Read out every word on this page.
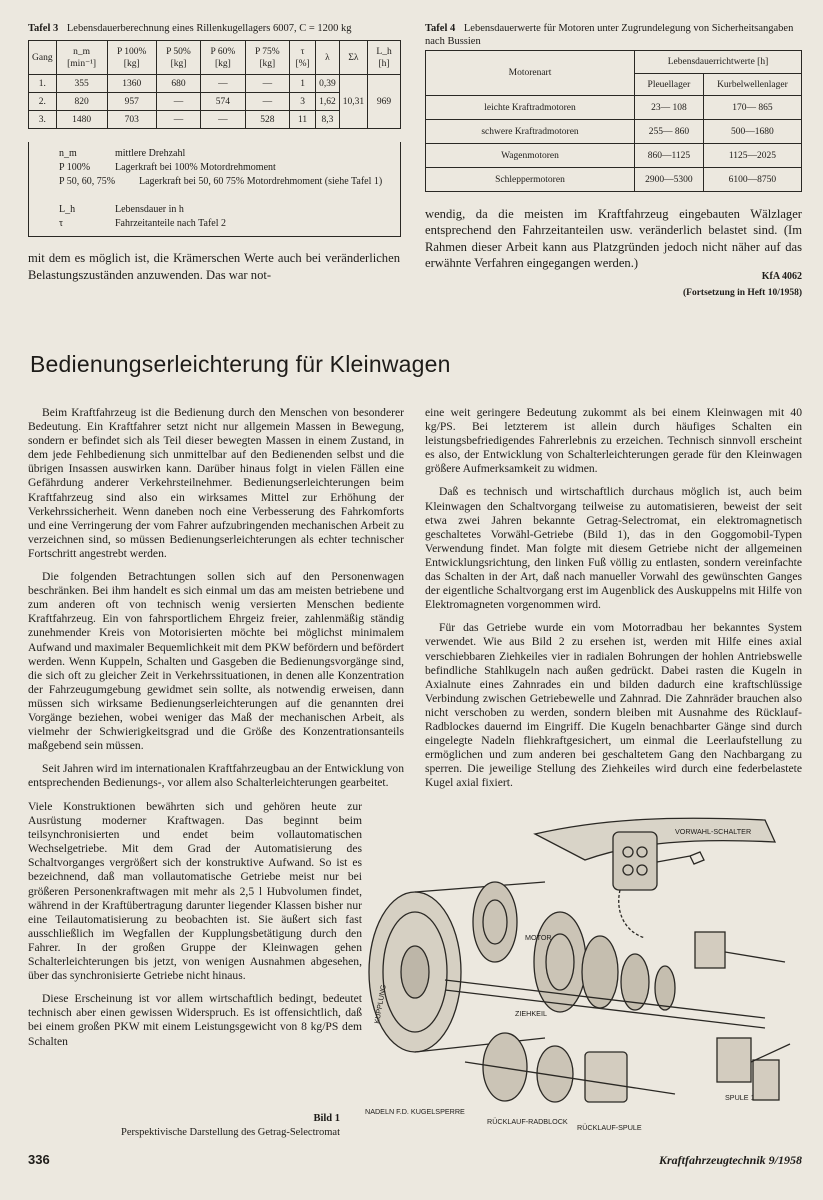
Tafel 3 Lebensdauerberechnung eines Rillenkugellagers 6007, C = 1200 kg
Gang	n_m [min⁻¹]	P 100% [kg]	P 50% [kg]	P 60% [kg]	P 75% [kg]	τ [%]	λ	Σλ	L_h [h]
1.	355	1360	680	—	—	1	0,39	10,31	969
2.	820	957	—	574	—	3	1,62		
3.	1480	703	—	—	528	11	8,3		
n_m	mittlere Drehzahl
P 100% Lagerkraft bei 100% Motordrehmoment
P 50, 60, 75%	Lagerkraft bei 50, 60 75% Motordrehmoment (siehe Tafel 1)
L_h	Lebensdauer in h
τ	Fahrzeitanteile nach Tafel 2

mit dem es möglich ist, die Krämerschen Werte auch bei veränderlichen Belastungszuständen anzuwenden. Das war not-

Tafel 4 Lebensdauerwerte für Motoren unter Zugrundelegung von Sicherheitsangaben nach Bussien
Motorenart	Lebensdauerrichtwerte [h]	
	Pleuellager	Kurbelwellenlager
leichte Kraftradmotoren	23— 108	170— 865
schwere Kraftradmotoren	255— 860	500—1680
Wagenmotoren	860—1125	1125—2025
Schleppermotoren	2900—5300	6100—8750

wendig, da die meisten im Kraftfahrzeug eingebauten Wälzlager entsprechend den Fahrzeitanteilen usw. veränderlich belastet sind. (Im Rahmen dieser Arbeit kann aus Platzgründen jedoch nicht näher auf das erwähnte Verfahren eingegangen werden.)

KfA 4062
(Fortsetzung in Heft 10/1958)
Bedienungserleichterung für Kleinwagen

Beim Kraftfahrzeug ist die Bedienung durch den Menschen von besonderer Bedeutung. Ein Kraftfahrer setzt nicht nur allgemein Massen in Bewegung, sondern er befindet sich als Teil dieser bewegten Massen in einem Zustand, in dem jede Fehlbedienung sich unmittelbar auf den Bedienenden selbst und die übrigen Insassen auswirken kann. Darüber hinaus folgt in vielen Fällen eine Gefährdung anderer Verkehrsteilnehmer. Bedienungserleichterungen beim Kraftfahrzeug sind also ein wirksames Mittel zur Erhöhung der Verkehrssicherheit. Wenn daneben noch eine Verbesserung des Fahrkomforts und eine Verringerung der vom Fahrer aufzubringenden mechanischen Arbeit zu verzeichnen sind, so müssen Bedienungserleichterungen als echter technischer Fortschritt angestrebt werden.

Die folgenden Betrachtungen sollen sich auf den Personenwagen beschränken. Bei ihm handelt es sich einmal um das am meisten betriebene und zum anderen oft von technisch wenig versierten Menschen bediente Kraftfahrzeug. Ein von fahrsportlichem Ehrgeiz freier, zahlenmäßig ständig zunehmender Kreis von Motorisierten möchte bei möglichst minimalem Aufwand und maximaler Bequemlichkeit mit dem PKW befördern und befördert werden. Wenn Kuppeln, Schalten und Gasgeben die Bedienungsvorgänge sind, die sich oft zu gleicher Zeit in Verkehrssituationen, in denen alle Konzentration der Fahrzeugumgebung gewidmet sein sollte, als notwendig erweisen, dann müssen sich wirksame Bedienungserleichterungen auf die genannten drei Vorgänge beziehen, wobei weniger das Maß der mechanischen Arbeit, als vielmehr der Schwierigkeitsgrad und die Größe des Konzentrationsanteils maßgebend sein müssen.

Seit Jahren wird im internationalen Kraftfahrzeugbau an der Entwicklung von entsprechenden Bedienungs-, vor allem also Schalterleichterungen gearbeitet.

Viele Konstruktionen bewährten sich und gehören heute zur Ausrüstung moderner Kraftwagen. Das beginnt beim teilsynchronisierten und endet beim vollautomatischen Wechselgetriebe. Mit dem Grad der Automatisierung des Schaltvorganges vergrößert sich der konstruktive Aufwand. So ist es bezeichnend, daß man vollautomatische Getriebe meist nur bei größeren Personenkraftwagen mit mehr als 2,5 l Hubvolumen findet, während in der Kraftübertragung darunter liegender Klassen bisher nur eine Teilautomatisierung zu beobachten ist. Sie äußert sich fast ausschließlich im Wegfallen der Kupplungsbetätigung durch den Fahrer. In der großen Gruppe der Kleinwagen gehen Schalterleichterungen bis jetzt, von wenigen Ausnahmen abgesehen, über das synchronisierte Getriebe nicht hinaus.

Diese Erscheinung ist vor allem wirtschaftlich bedingt, bedeutet technisch aber einen gewissen Widerspruch. Es ist offensichtlich, daß bei einem großen PKW mit einem Leistungsgewicht von 8 kg/PS dem Schalten

eine weit geringere Bedeutung zukommt als bei einem Kleinwagen mit 40 kg/PS. Bei letzterem ist allein durch häufiges Schalten ein leistungsbefriedigendes Fahrerlebnis zu erzeichen. Technisch sinnvoll erscheint es also, der Entwicklung von Schalterleichterungen gerade für den Kleinwagen größere Aufmerksamkeit zu widmen.

Daß es technisch und wirtschaftlich durchaus möglich ist, auch beim Kleinwagen den Schaltvorgang teilweise zu automatisieren, beweist der seit etwa zwei Jahren bekannte Getrag-Selectromat, ein elektromagnetisch geschaltetes Vorwähl-Getriebe (Bild 1), das in den Goggomobil-Typen Verwendung findet. Man folgte mit diesem Getriebe nicht der allgemeinen Entwicklungsrichtung, den linken Fuß völlig zu entlasten, sondern vereinfachte das Schalten in der Art, daß nach manueller Vorwahl des gewünschten Ganges der eigentliche Schaltvorgang erst im Augenblick des Auskuppelns mit Hilfe von Elektromagneten vorgenommen wird.

Für das Getriebe wurde ein vom Motorradbau her bekanntes System verwendet. Wie aus Bild 2 zu ersehen ist, werden mit Hilfe eines axial verschiebbaren Ziehkeiles vier in radialen Bohrungen der hohlen Antriebswelle befindliche Stahlkugeln nach außen gedrückt. Dabei rasten die Kugeln in Axialnute eines Zahnrades ein und bilden dadurch eine kraftschlüssige Verbindung zwischen Getriebewelle und Zahnrad. Die Zahnräder brauchen also nicht verschoben zu werden, sondern bleiben mit Ausnahme des Rücklauf-Radblockes dauernd im Eingriff. Die Kugeln benachbarter Gänge sind durch eingelegte Nadeln fliehkraftgesichert, um einmal die Leerlaufstellung zu ermöglichen und zum anderen bei geschaltetem Gang den Nachbargang zu sperren. Die jeweilige Stellung des Ziehkeiles wird durch eine federbelastete Kugel axial fixiert.

VORWAHL-SCHALTER
MOTOR
KUPPLUNG
NADELN F.D. KUGELSPERRE
RÜCKLAUF-RADBLOCK
RÜCKLAUF-SPULE
ZIEHKEIL
SPULE 1
Bild 1
Perspektivische Darstellung des Getrag-Selectromat
336	Kraftfahrzeugtechnik 9/1958
